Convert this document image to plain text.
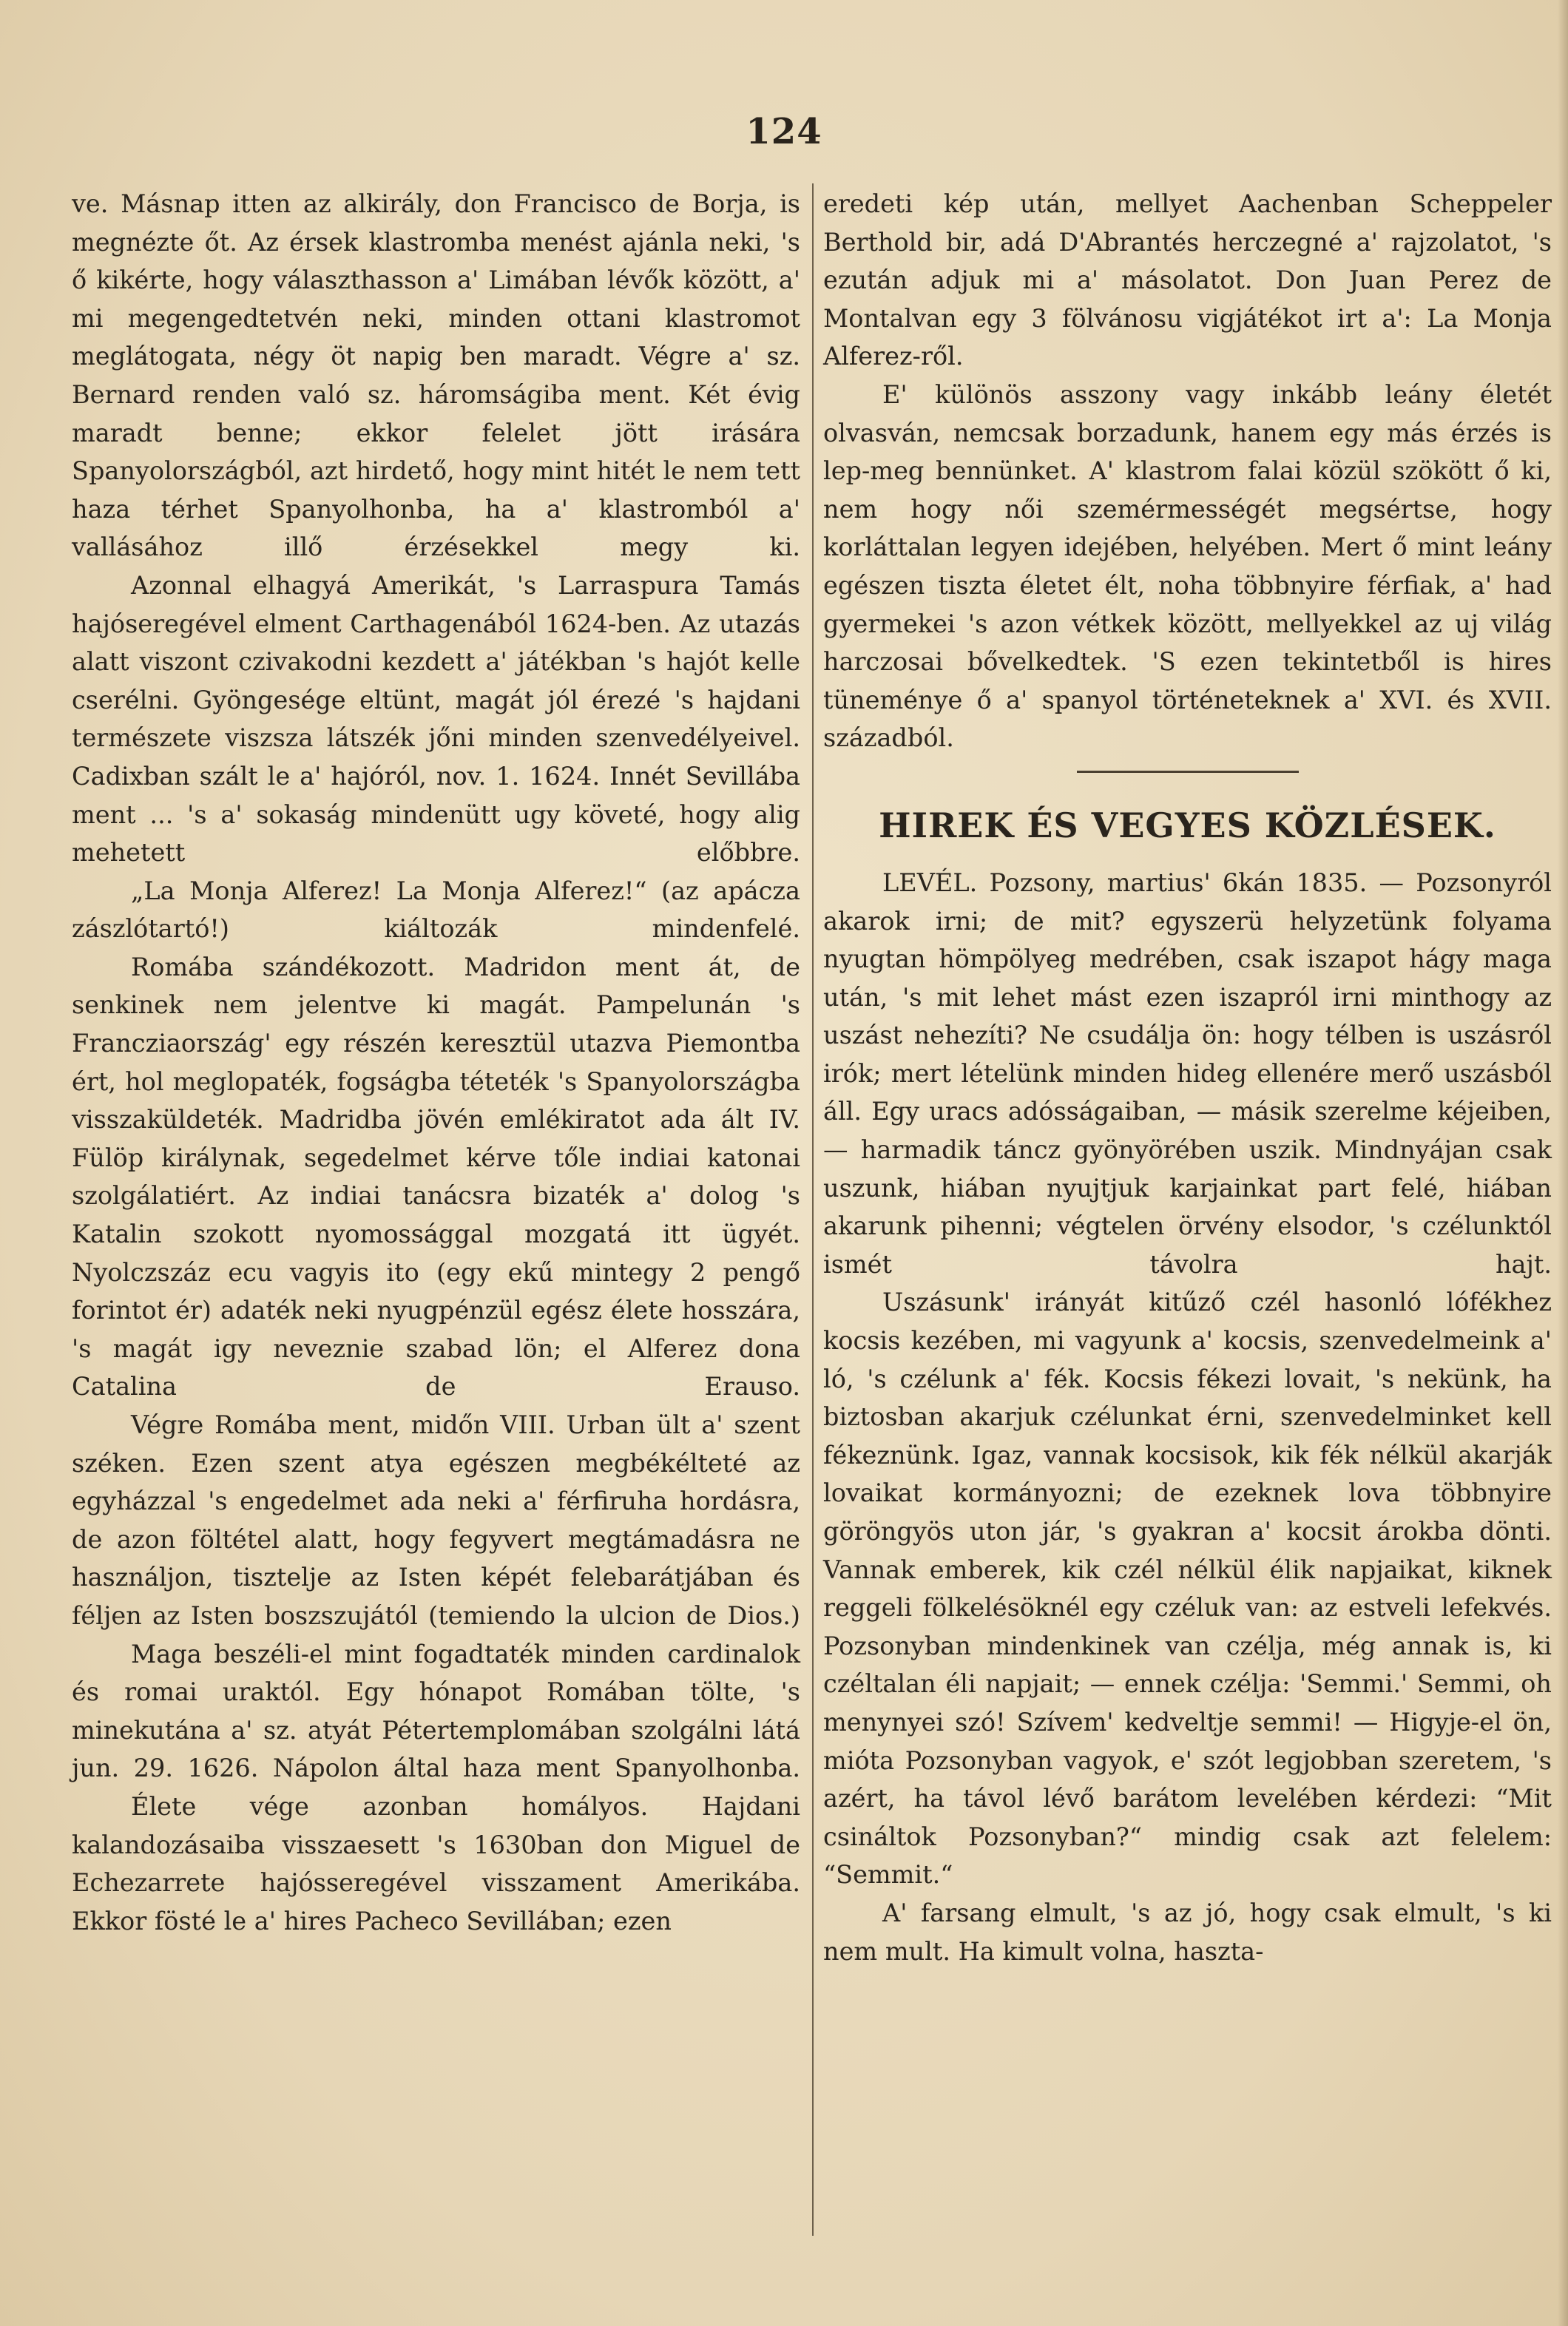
124

ve. Másnap itten az alkirály, don Francisco de Borja, is megnézte őt. Az érsek klastromba menést ajánla neki, 's ő kikérte, hogy választhasson a' Limában lévők között, a' mi megengedtetvén neki, minden ottani klastromot meglátogata, négy öt napig ben maradt. Végre a' sz. Bernard renden való sz. háromságiba ment. Két évig maradt benne; ekkor felelet jött irására Spanyolországból, azt hirdető, hogy mint hitét le nem tett haza térhet Spanyolhonba, ha a' klastromból a' vallásához illő érzésekkel megy ki.

Azonnal elhagyá Amerikát, 's Larraspura Tamás hajóseregével elment Carthagenából 1624-ben. Az utazás alatt viszont czivakodni kezdett a' játékban 's hajót kelle cserélni. Gyöngesége eltünt, magát jól érezé 's hajdani természete viszsza látszék jőni minden szenvedélyeivel. Cadixban szált le a' hajóról, nov. 1. 1624. Innét Sevillába ment ... 's a' sokaság mindenütt ugy követé, hogy alig mehetett előbbre.

„La Monja Alferez! La Monja Alferez!“ (az apácza zászlótartó!) kiáltozák mindenfelé.

Romába szándékozott. Madridon ment át, de senkinek nem jelentve ki magát. Pampelunán 's Francziaország' egy részén keresztül utazva Piemontba ért, hol meglopaték, fogságba téteték 's Spanyolországba visszaküldeték. Madridba jövén emlékiratot ada ált IV. Fülöp királynak, segedelmet kérve tőle indiai katonai szolgálatiért. Az indiai tanácsra bizaték a' dolog 's Katalin szokott nyomossággal mozgatá itt ügyét. Nyolczszáz ecu vagyis ito (egy ekű mintegy 2 pengő forintot ér) adaték neki nyugpénzül egész élete hosszára, 's magát igy neveznie szabad lön; el Alferez dona Catalina de Erauso.

Végre Romába ment, midőn VIII. Urban ült a' szent széken. Ezen szent atya egészen megbékélteté az egyházzal 's engedelmet ada neki a' férfiruha hordásra, de azon föltétel alatt, hogy fegyvert megtámadásra ne használjon, tisztelje az Isten képét felebarátjában és féljen az Isten boszszujától (temiendo la ulcion de Dios.)

Maga beszéli-el mint fogadtaték minden cardinalok és romai uraktól. Egy hónapot Romában tölte, 's minekutána a' sz. atyát Pétertemplomában szolgálni látá jun. 29. 1626. Nápolon által haza ment Spanyolhonba.

Élete vége azonban homályos. Hajdani kalandozásaiba visszaesett 's 1630ban don Miguel de Echezarrete hajósseregével visszament Amerikába. Ekkor fösté le a' hires Pacheco Sevillában; ezen

eredeti kép után, mellyet Aachenban Scheppeler Berthold bir, adá D'Abrantés herczegné a' rajzolatot, 's ezután adjuk mi a' másolatot. Don Juan Perez de Montalvan egy 3 fölvánosu vigjátékot irt a': La Monja Alferez-ről.

E' különös asszony vagy inkább leány életét olvasván, nemcsak borzadunk, hanem egy más érzés is lep-meg bennünket. A' klastrom falai közül szökött ő ki, nem hogy női szemérmességét megsértse, hogy korláttalan legyen idejében, helyében. Mert ő mint leány egészen tiszta életet élt, noha többnyire férfiak, a' had gyermekei 's azon vétkek között, mellyekkel az uj világ harczosai bővelkedtek. 'S ezen tekintetből is hires tüneménye ő a' spanyol történeteknek a' XVI. és XVII. századból.

HIREK ÉS VEGYES KÖZLÉSEK.

LEVÉL. Pozsony, martius' 6kán 1835. — Pozsonyról akarok irni; de mit? egyszerü helyzetünk folyama nyugtan hömpölyeg medrében, csak iszapot hágy maga után, 's mit lehet mást ezen iszapról irni minthogy az uszást nehezíti? Ne csudálja ön: hogy télben is uszásról irók; mert lételünk minden hideg ellenére merő uszásból áll. Egy uracs adósságaiban, — másik szerelme kéjeiben, — harmadik táncz gyönyörében uszik. Mindnyájan csak uszunk, hiában nyujtjuk karjainkat part felé, hiában akarunk pihenni; végtelen örvény elsodor, 's czélunktól ismét távolra hajt.

Uszásunk' irányát kitűző czél hasonló lófékhez kocsis kezében, mi vagyunk a' kocsis, szenvedelmeink a' ló, 's czélunk a' fék. Kocsis fékezi lovait, 's nekünk, ha biztosban akarjuk czélunkat érni, szenvedelminket kell fékeznünk. Igaz, vannak kocsisok, kik fék nélkül akarják lovaikat kormányozni; de ezeknek lova többnyire göröngyös uton jár, 's gyakran a' kocsit árokba dönti. Vannak emberek, kik czél nélkül élik napjaikat, kiknek reggeli fölkelésöknél egy czéluk van: az estveli lefekvés. Pozsonyban mindenkinek van czélja, még annak is, ki czéltalan éli napjait; — ennek czélja: 'Semmi.' Semmi, oh menynyei szó! Szívem' kedveltje semmi! — Higyje-el ön, mióta Pozsonyban vagyok, e' szót legjobban szeretem, 's azért, ha távol lévő barátom levelében kérdezi: “Mit csináltok Pozsonyban?“ mindig csak azt felelem: “Semmit.“

A' farsang elmult, 's az jó, hogy csak elmult, 's ki nem mult. Ha kimult volna, haszta-
